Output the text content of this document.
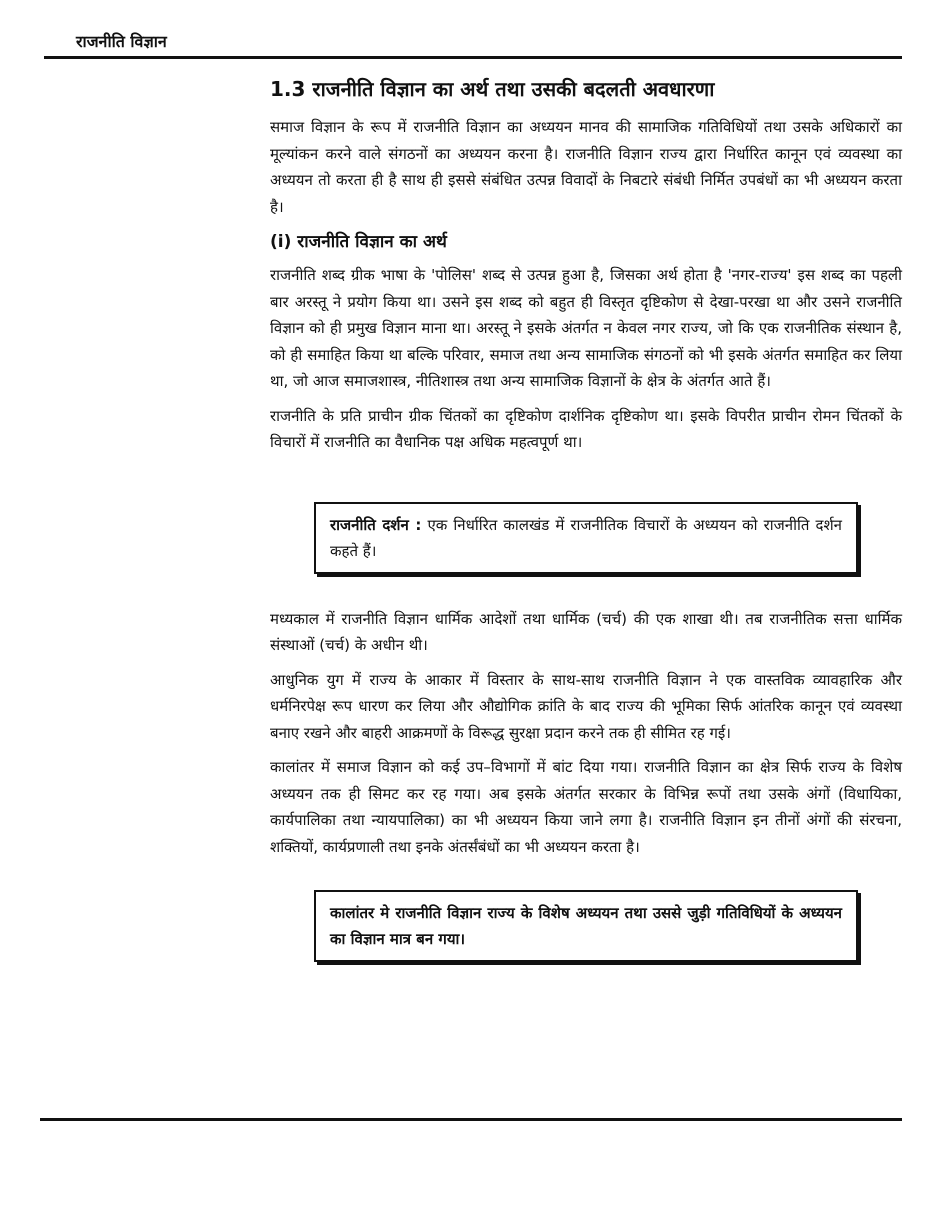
राजनीति विज्ञान
1.3 राजनीति विज्ञान का अर्थ तथा उसकी बदलती अवधारणा

समाज विज्ञान के रूप में राजनीति विज्ञान का अध्ययन मानव की सामाजिक गतिविधियों तथा उसके अधिकारों का मूल्यांकन करने वाले संगठनों का अध्ययन करना है। राजनीति विज्ञान राज्य द्वारा निर्धारित कानून एवं व्यवस्था का अध्ययन तो करता ही है साथ ही इससे संबंधित उत्पन्न विवादों के निबटारे संबंधी निर्मित उपबंधों का भी अध्ययन करता है।

(i) राजनीति विज्ञान का अर्थ

राजनीति शब्द ग्रीक भाषा के 'पोलिस' शब्द से उत्पन्न हुआ है, जिसका अर्थ होता है 'नगर-राज्य' इस शब्द का पहली बार अरस्तू ने प्रयोग किया था। उसने इस शब्द को बहुत ही विस्तृत दृष्टिकोण से देखा-परखा था और उसने राजनीति विज्ञान को ही प्रमुख विज्ञान माना था। अरस्तू ने इसके अंतर्गत न केवल नगर राज्य, जो कि एक राजनीतिक संस्थान है, को ही समाहित किया था बल्कि परिवार, समाज तथा अन्य सामाजिक संगठनों को भी इसके अंतर्गत समाहित कर लिया था, जो आज समाजशास्त्र, नीतिशास्त्र तथा अन्य सामाजिक विज्ञानों के क्षेत्र के अंतर्गत आते हैं।

राजनीति के प्रति प्राचीन ग्रीक चिंतकों का दृष्टिकोण दार्शनिक दृष्टिकोण था। इसके विपरीत प्राचीन रोमन चिंतकों के विचारों में राजनीति का वैधानिक पक्ष अधिक महत्वपूर्ण था।

राजनीति दर्शन : एक निर्धारित कालखंड में राजनीतिक विचारों के अध्ययन को राजनीति दर्शन कहते हैं।

मध्यकाल में राजनीति विज्ञान धार्मिक आदेशों तथा धार्मिक (चर्च) की एक शाखा थी। तब राजनीतिक सत्ता धार्मिक संस्थाओं (चर्च) के अधीन थी।

आधुनिक युग में राज्य के आकार में विस्तार के साथ-साथ राजनीति विज्ञान ने एक वास्तविक व्यावहारिक और धर्मनिरपेक्ष रूप धारण कर लिया और औद्योगिक क्रांति के बाद राज्य की भूमिका सिर्फ आंतरिक कानून एवं व्यवस्था बनाए रखने और बाहरी आक्रमणों के विरूद्ध सुरक्षा प्रदान करने तक ही सीमित रह गई।

कालांतर में समाज विज्ञान को कई उप–विभागों में बांट दिया गया। राजनीति विज्ञान का क्षेत्र सिर्फ राज्य के विशेष अध्ययन तक ही सिमट कर रह गया। अब इसके अंतर्गत सरकार के विभिन्न रूपों तथा उसके अंगों (विधायिका, कार्यपालिका तथा न्यायपालिका) का भी अध्ययन किया जाने लगा है। राजनीति विज्ञान इन तीनों अंगों की संरचना, शक्तियों, कार्यप्रणाली तथा इनके अंतर्संबंधों का भी अध्ययन करता है।

कालांतर मे राजनीति विज्ञान राज्य के विशेष अध्ययन तथा उससे जुड़ी गतिविधियों के अध्ययन का विज्ञान मात्र बन गया।
